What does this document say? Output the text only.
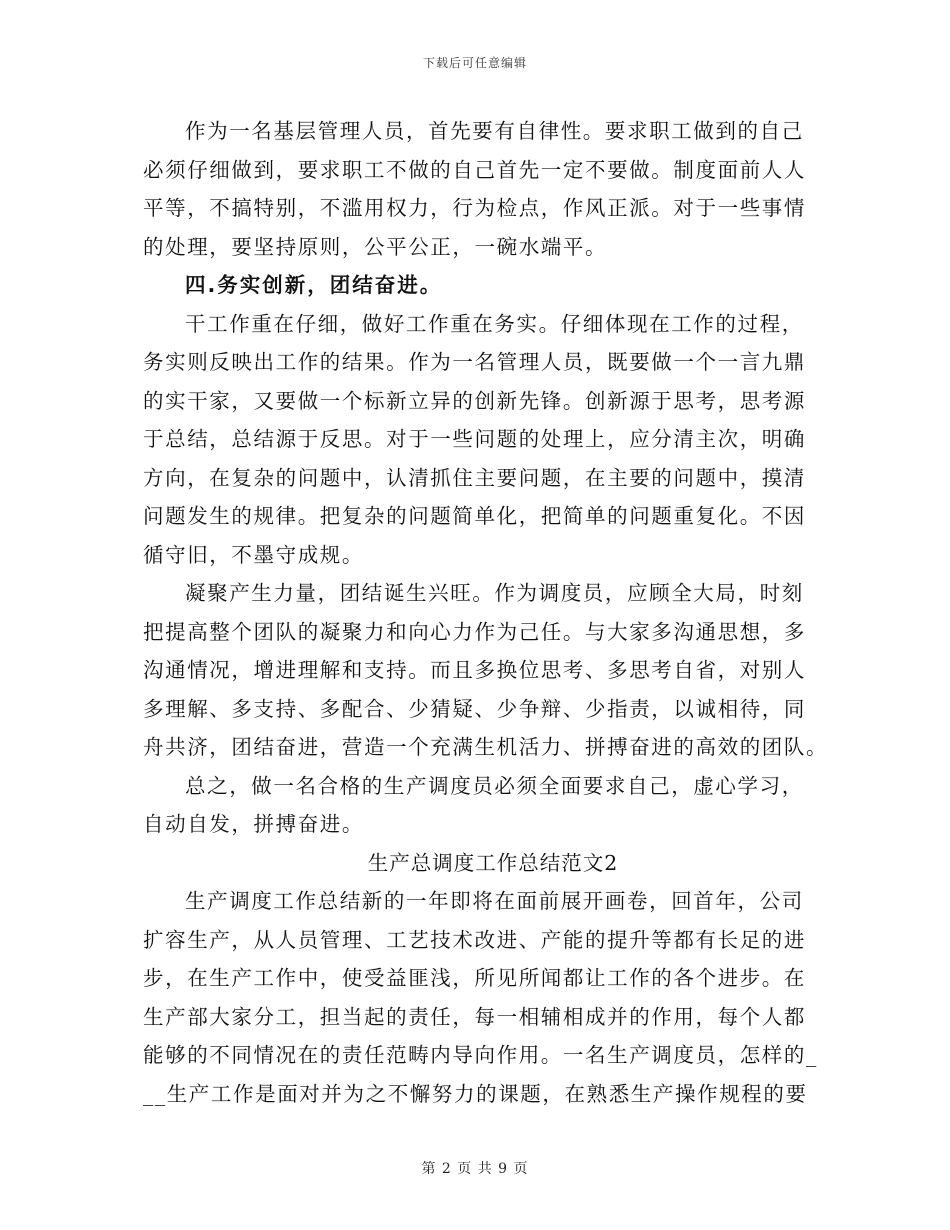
下载后可任意编辑
作为一名基层管理人员，首先要有自律性。要求职工做到的自己
必须仔细做到，要求职工不做的自己首先一定不要做。制度面前人人
平等，不搞特别，不滥用权力，行为检点，作风正派。对于一些事情
的处理，要坚持原则，公平公正，一碗水端平。
四.务实创新，团结奋进。
干工作重在仔细，做好工作重在务实。仔细体现在工作的过程，
务实则反映出工作的结果。作为一名管理人员，既要做一个一言九鼎
的实干家，又要做一个标新立异的创新先锋。创新源于思考，思考源
于总结，总结源于反思。对于一些问题的处理上，应分清主次，明确
方向，在复杂的问题中，认清抓住主要问题，在主要的问题中，摸清
问题发生的规律。把复杂的问题简单化，把简单的问题重复化。不因
循守旧，不墨守成规。
凝聚产生力量，团结诞生兴旺。作为调度员，应顾全大局，时刻
把提高整个团队的凝聚力和向心力作为己任。与大家多沟通思想，多
沟通情况，增进理解和支持。而且多换位思考、多思考自省，对别人
多理解、多支持、多配合、少猜疑、少争辩、少指责，以诚相待，同
舟共济，团结奋进，营造一个充满生机活力、拼搏奋进的高效的团队。
总之，做一名合格的生产调度员必须全面要求自己，虚心学习，
自动自发，拼搏奋进。
生产总调度工作总结范文2
生产调度工作总结新的一年即将在面前展开画卷，回首年，公司
扩容生产，从人员管理、工艺技术改进、产能的提升等都有长足的进
步，在生产工作中，使受益匪浅，所见所闻都让工作的各个进步。在
生产部大家分工，担当起的责任，每一相辅相成并的作用，每个人都
能够的不同情况在的责任范畴内导向作用。一名生产调度员，怎样的_
__生产工作是面对并为之不懈努力的课题，在熟悉生产操作规程的要
第 2 页 共 9 页
